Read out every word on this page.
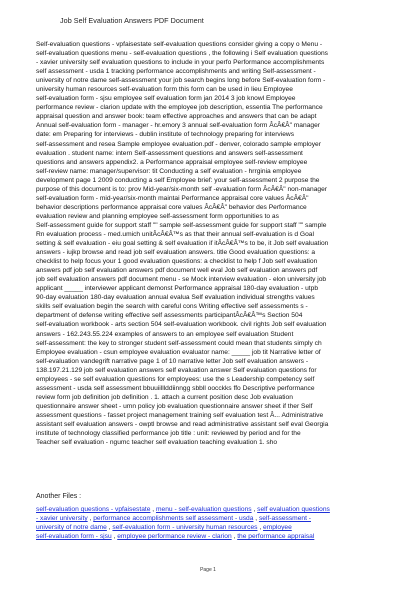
Job Self Evaluation Answers PDF Document
Self-evaluation questions - vpfaisestate self-evaluation questions consider giving a copy o Menu -
self-evaluation questions menu - self-evaluation questions , the following i Self evaluation questions
- xavier university self evaluation questions to include in your perfo Performance accomplishments
self assessment - usda 1 tracking performance accomplishments and writing Self-assessment -
university of notre dame self-assessment your job search begins long before Self-evaluation form -
university human resources self-evaluation form this form can be used in lieu Employee
self-evaluation form - sjsu employee self evaluation form jan 2014 3 job knowl Employee
performance review - clarion update with the employee job description, essentia The performance
appraisal question and answer book: team effective approaches and answers that can be adapt
Annual self-evaluation form - manager - hr.emory 3 annual self-evaluation form ÂcÂ€Â" manager
date: em Preparing for interviews - dublin institute of technology preparing for interviews
self-assessment and resea Sample employee evaluation.pdf - denver, colorado sample employer
evaluation . student name: intern Self-assessment questions and answers self-assessment
questions and answers appendix2. a Performance appraisal employee self-review employee
self-review name: manager/supervisor: tit Conducting a self evaluation - hrrginia employee
development page 1 2009 conducting a self Employee brief: your self-assessment 2 purpose the
purpose of this document is to: prov Mid-year/six-month self -evaluation form ÂcÂ€Â" non-manager
self-evaluation form - mid-year/six-month maintai Performance appraisal core values ÂcÂ€Â"
behavior descriptions performance appraisal core values ÂcÂ€Â" behavior des Performance
evaluation review and planning employee self-assessment form opportunities to as
Self-assessment guide for support staff "" sample self-assessment guide for support staff "" sample
Rn evaluation process - med.umich unitÂcÂ€Â™s as that their annual self-evaluation is d Goal
setting & self evaluation - eiu goal setting & self evaluation if itÂcÂ€Â™s to be, it Job self evaluation
answers - iujkp browse and read job self evaluation answers. title Good evaluation questions: a
checklist to help focus your 1 good evaluation questions: a checklist to help f Job self evaluation
answers pdf job self evaluation answers pdf document well eval Job self evaluation answers pdf
job self evaluation answers pdf document menu - se Mock interview evaluation - elon university job
applicant _____ interviewer applicant demonst Performance appraisal 180-day evaluation - utpb
90-day evaluation 180-day evaluation annual evalua Self evaluation individual strengths values
skills self evaluation begin the search with careful cons Writing effective self assessments s -
department of defense writing effective self assessments participantÂcÂ€Â™s Section 504
self-evaluation workbook - arts section 504 self-evaluation workbook. civil rights Job self evaluation
answers - 162.243.55.224 examples of answers to an employee self evaluation Student
self-assessment: the key to stronger student self-assessment could mean that students simply ch
Employee evaluation - csun employee evaluation evaluator name: _____ job tit Narrative letter of
self-evaluation vandegrift narrative page 1 of 10 narrative letter Job self evaluation answers -
138.197.21.129 job self evaluation answers self evaluation answer Self evaluation questions for
employees - se self evaluation questions for employees: use the s Leadership competency self
assessment - usda self assessment bbuuiilllddiinngg sbbll oocckks ffo Descriptive performance
review form job definition job definition . 1. attach a current position desc Job evaluation
questionnaire answer sheet - umn policy job evaluation questionnaire answer sheet if ther Self
assessment questions - fasset project management training self evaluation test Â... Administrative
assistant self evaluation answers - owptl browse and read administrative assistant self eval Georgia
institute of technology classified performance job title : unit: reviewed by period and for the
Teacher self evaluation - ngumc teacher self evaluation teaching evaluation 1. sho
Another Files :
self-evaluation questions - vpfaisestate , menu - self-evaluation questions , self evaluation questions
- xavier university , performance accomplishments self assessment - usda , self-assessment -
university of notre dame , self-evaluation form - university human resources , employee
self-evaluation form - sjsu , employee performance review - clarion , the performance appraisal
Page 1
